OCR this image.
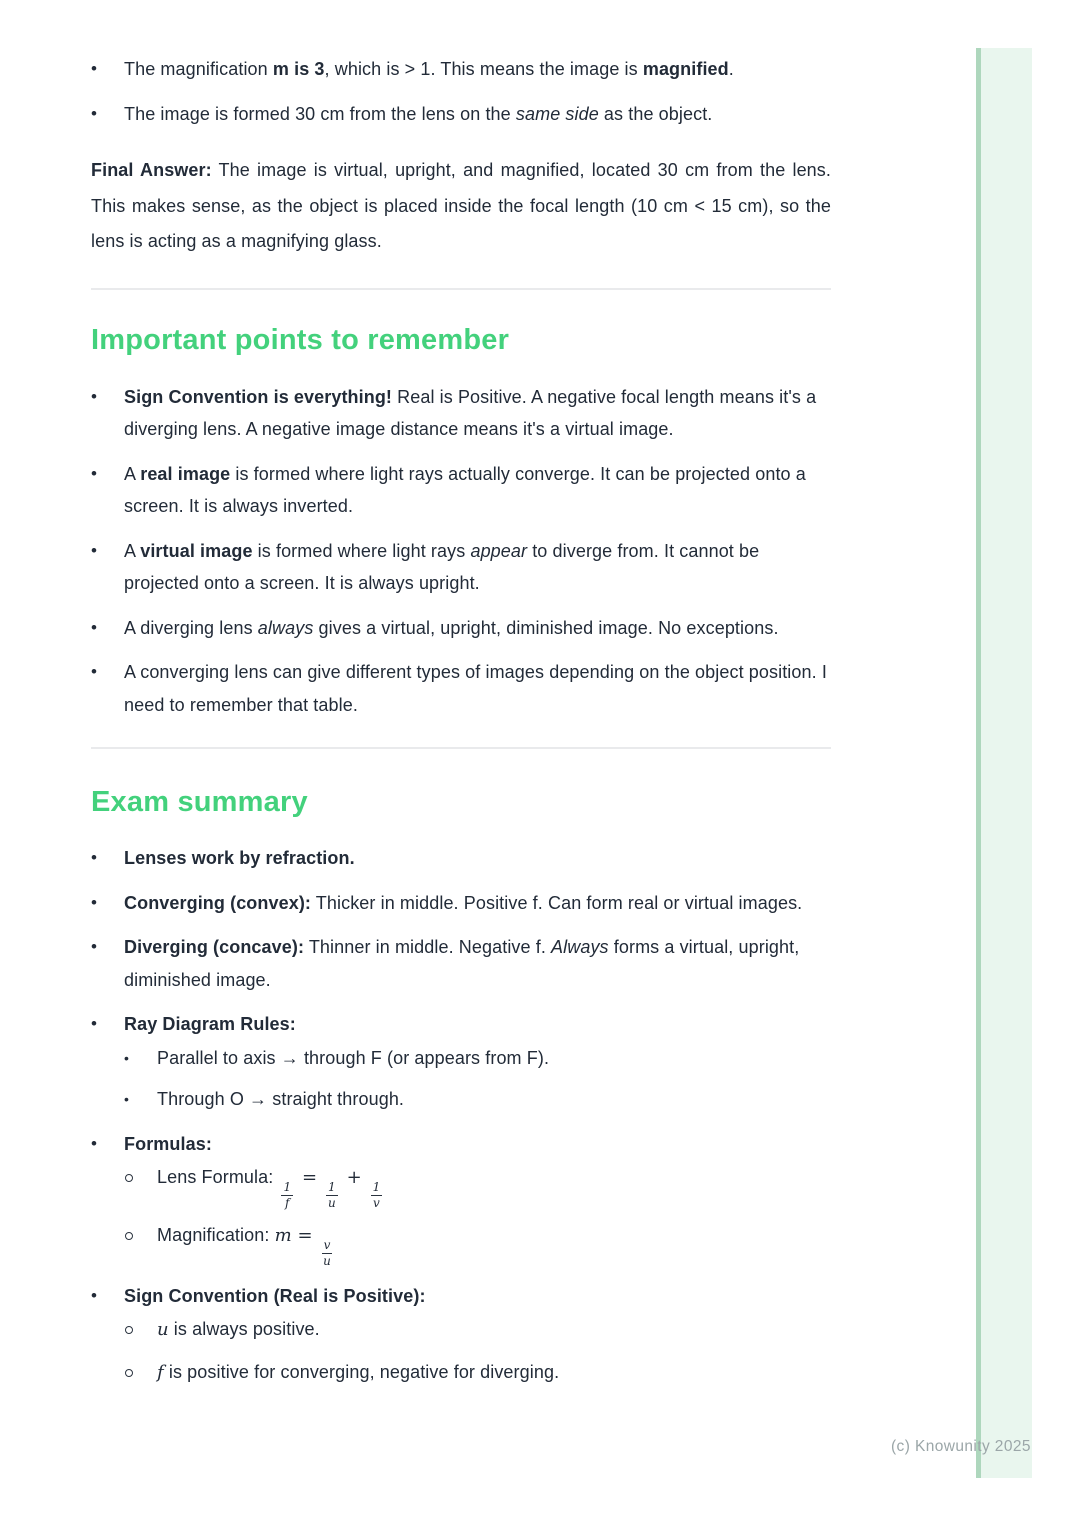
(c) Knowunity 2025
•	The magnification m is 3, which is > 1. This means the image is magnified.
•	The image is formed 30 cm from the lens on the same side as the object.
Final Answer: The image is virtual, upright, and magnified, located 30 cm from the lens. This makes sense, as the object is placed inside the focal length (10 cm < 15 cm), so the lens is acting as a magnifying glass.
Important points to remember
•	Sign Convention is everything! Real is Positive. A negative focal length means it's a diverging lens. A negative image distance means it's a virtual image.
•	A real image is formed where light rays actually converge. It can be projected onto a screen. It is always inverted.
•	A virtual image is formed where light rays appear to diverge from. It cannot be projected onto a screen. It is always upright.
•	A diverging lens always gives a virtual, upright, diminished image. No exceptions.
•	A converging lens can give different types of images depending on the object position. I need to remember that table.
Exam summary
•	Lenses work by refraction.
•	Converging (convex): Thicker in middle. Positive f. Can form real or virtual images.
•	Diverging (concave): Thinner in middle. Negative f. Always forms a virtual, upright, diminished image.
•	Ray Diagram Rules:
•	Parallel to axis → through F (or appears from F).
•	Through O → straight through.
•	Formulas:
Lens Formula:
$\frac{1}{f}$
=
$\frac{1}{u}$
+
$\frac{1}{v}$
Magnification: m =
$\frac{v}{u}$
•	Sign Convention (Real is Positive):
u is always positive.
f is positive for converging, negative for diverging.
